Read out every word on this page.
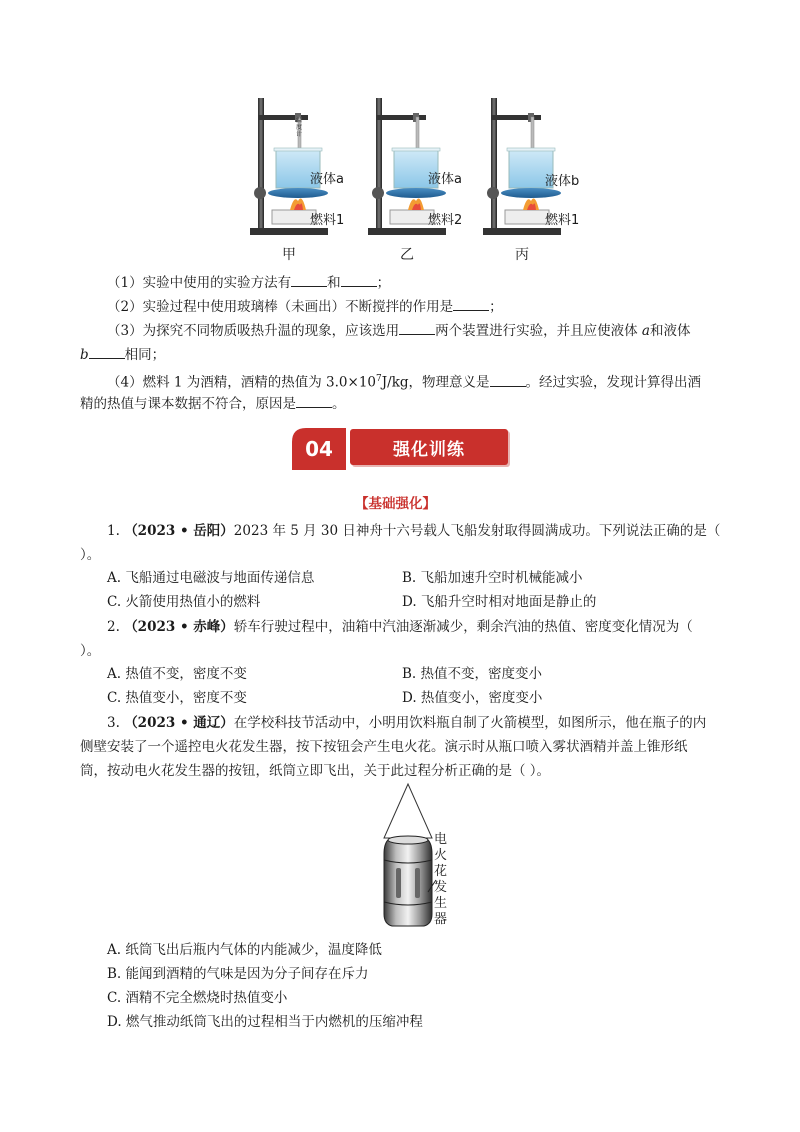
液体a	液体a	液体b
燃料1	燃料2	燃料1
甲	乙	丙
（1）实验中使用的实验方法有	和	；
（2）实验过程中使用玻璃棒（未画出）不断搅拌的作用是	；
（3）为探究不同物质吸热升温的现象，应该选用	两个装置进行实验，并且应使液体 a和液体
b	相同；
（4）燃料 1 为酒精，酒精的热值为 $3.0\times 10^7J/kg$，物理意义是	。经过实验，发现计算得出酒
精的热值与课本数据不符合，原因是	。
04	强化训练
【基础强化】
1. （2023 • 岳阳）2023 年 5 月 30 日神舟十六号载人飞船发射取得圆满成功。下列说法正确的是（
）。
A. 飞船通过电磁波与地面传递信息	B. 飞船加速升空时机械能减小
C. 火箭使用热值小的燃料	D. 飞船升空时相对地面是静止的
2. （2023 • 赤峰）轿车行驶过程中，油箱中汽油逐渐减少，剩余汽油的热值、密度变化情况为（
）。
A. 热值不变，密度不变	B. 热值不变，密度变小
C. 热值变小，密度不变	D. 热值变小，密度变小
3. （2023 • 通辽）在学校科技节活动中，小明用饮料瓶自制了火箭模型，如图所示，他在瓶子的内
侧壁安装了一个遥控电火花发生器，按下按钮会产生电火花。演示时从瓶口喷入雾状酒精并盖上锥形纸
筒，按动电火花发生器的按钮，纸筒立即飞出，关于此过程分析正确的是（ ）。
电火花发生器
A. 纸筒飞出后瓶内气体的内能减少，温度降低
B. 能闻到酒精的气味是因为分子间存在斥力
C. 酒精不完全燃烧时热值变小
D. 燃气推动纸筒飞出的过程相当于内燃机的压缩冲程
温度计
